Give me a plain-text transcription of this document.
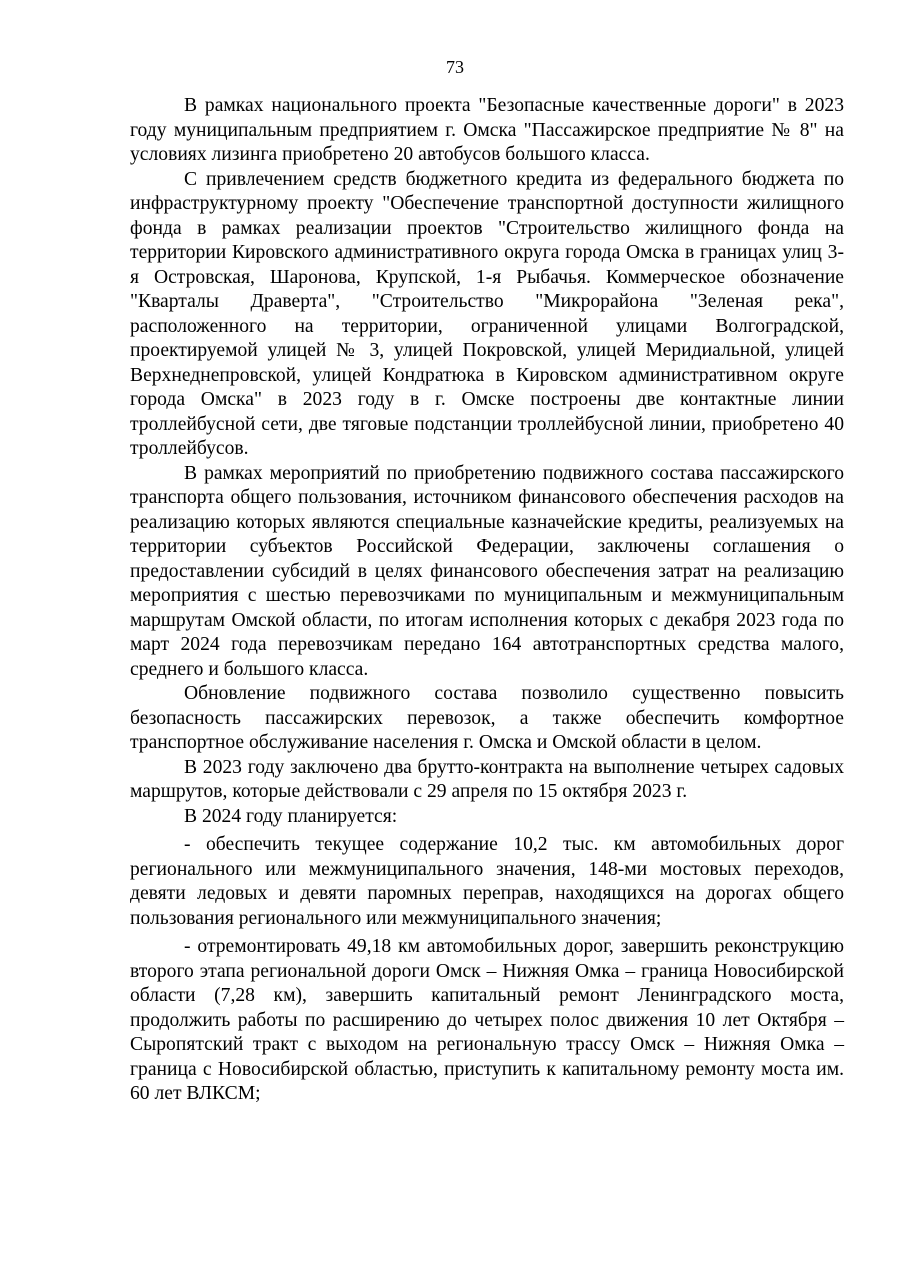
73

В рамках национального проекта "Безопасные качественные дороги" в 2023 году муниципальным предприятием г. Омска "Пассажирское предприятие № 8" на условиях лизинга приобретено 20 автобусов большого класса.

С привлечением средств бюджетного кредита из федерального бюджета по инфраструктурному проекту "Обеспечение транспортной доступности жилищного фонда в рамках реализации проектов "Строительство жилищного фонда на территории Кировского административного округа города Омска в границах улиц 3-я Островская, Шаронова, Крупской, 1-я Рыбачья. Коммерческое обозначение "Кварталы Драверта", "Строительство "Микрорайона "Зеленая река", расположенного на территории, ограниченной улицами Волгоградской, проектируемой улицей № 3, улицей Покровской, улицей Меридиальной, улицей Верхнеднепровской, улицей Кондратюка в Кировском административном округе города Омска" в 2023 году в г. Омске построены две контактные линии троллейбусной сети, две тяговые подстанции троллейбусной линии, приобретено 40 троллейбусов.

В рамках мероприятий по приобретению подвижного состава пассажирского транспорта общего пользования, источником финансового обеспечения расходов на реализацию которых являются специальные казначейские кредиты, реализуемых на территории субъектов Российской Федерации, заключены соглашения о предоставлении субсидий в целях финансового обеспечения затрат на реализацию мероприятия с шестью перевозчиками по муниципальным и межмуниципальным маршрутам Омской области, по итогам исполнения которых с декабря 2023 года по март 2024 года перевозчикам передано 164 автотранспортных средства малого, среднего и большого класса.

Обновление подвижного состава позволило существенно повысить безопасность пассажирских перевозок, а также обеспечить комфортное транспортное обслуживание населения г. Омска и Омской области в целом.

В 2023 году заключено два брутто-контракта на выполнение четырех садовых маршрутов, которые действовали с 29 апреля по 15 октября 2023 г.

В 2024 году планируется:

- обеспечить текущее содержание 10,2 тыс. км автомобильных дорог регионального или межмуниципального значения, 148-ми мостовых переходов, девяти ледовых и девяти паромных переправ, находящихся на дорогах общего пользования регионального или межмуниципального значения;

- отремонтировать 49,18 км автомобильных дорог, завершить реконструкцию второго этапа региональной дороги Омск – Нижняя Омка – граница Новосибирской области (7,28 км), завершить капитальный ремонт Ленинградского моста, продолжить работы по расширению до четырех полос движения 10 лет Октября – Сыропятский тракт с выходом на региональную трассу Омск – Нижняя Омка – граница с Новосибирской областью, приступить к капитальному ремонту моста им. 60 лет ВЛКСМ;
